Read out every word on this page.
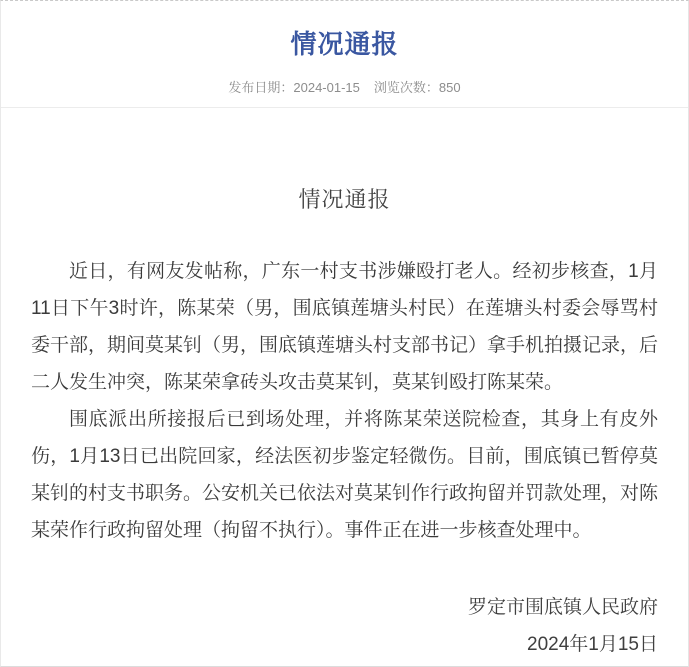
情况通报
发布日期：2024-01-15 浏览次数：850
情况通报

近日，有网友发帖称，广东一村支书涉嫌殴打老人。经初步核查，1月11日下午3时许，陈某荣（男，围底镇莲塘头村民）在莲塘头村委会辱骂村委干部，期间莫某钊（男，围底镇莲塘头村支部书记）拿手机拍摄记录，后二人发生冲突，陈某荣拿砖头攻击莫某钊，莫某钊殴打陈某荣。

围底派出所接报后已到场处理，并将陈某荣送院检查，其身上有皮外伤，1月13日已出院回家，经法医初步鉴定轻微伤。目前，围底镇已暂停莫某钊的村支书职务。公安机关已依法对莫某钊作行政拘留并罚款处理，对陈某荣作行政拘留处理（拘留不执行）。事件正在进一步核查处理中。

罗定市围底镇人民政府
2024年1月15日
